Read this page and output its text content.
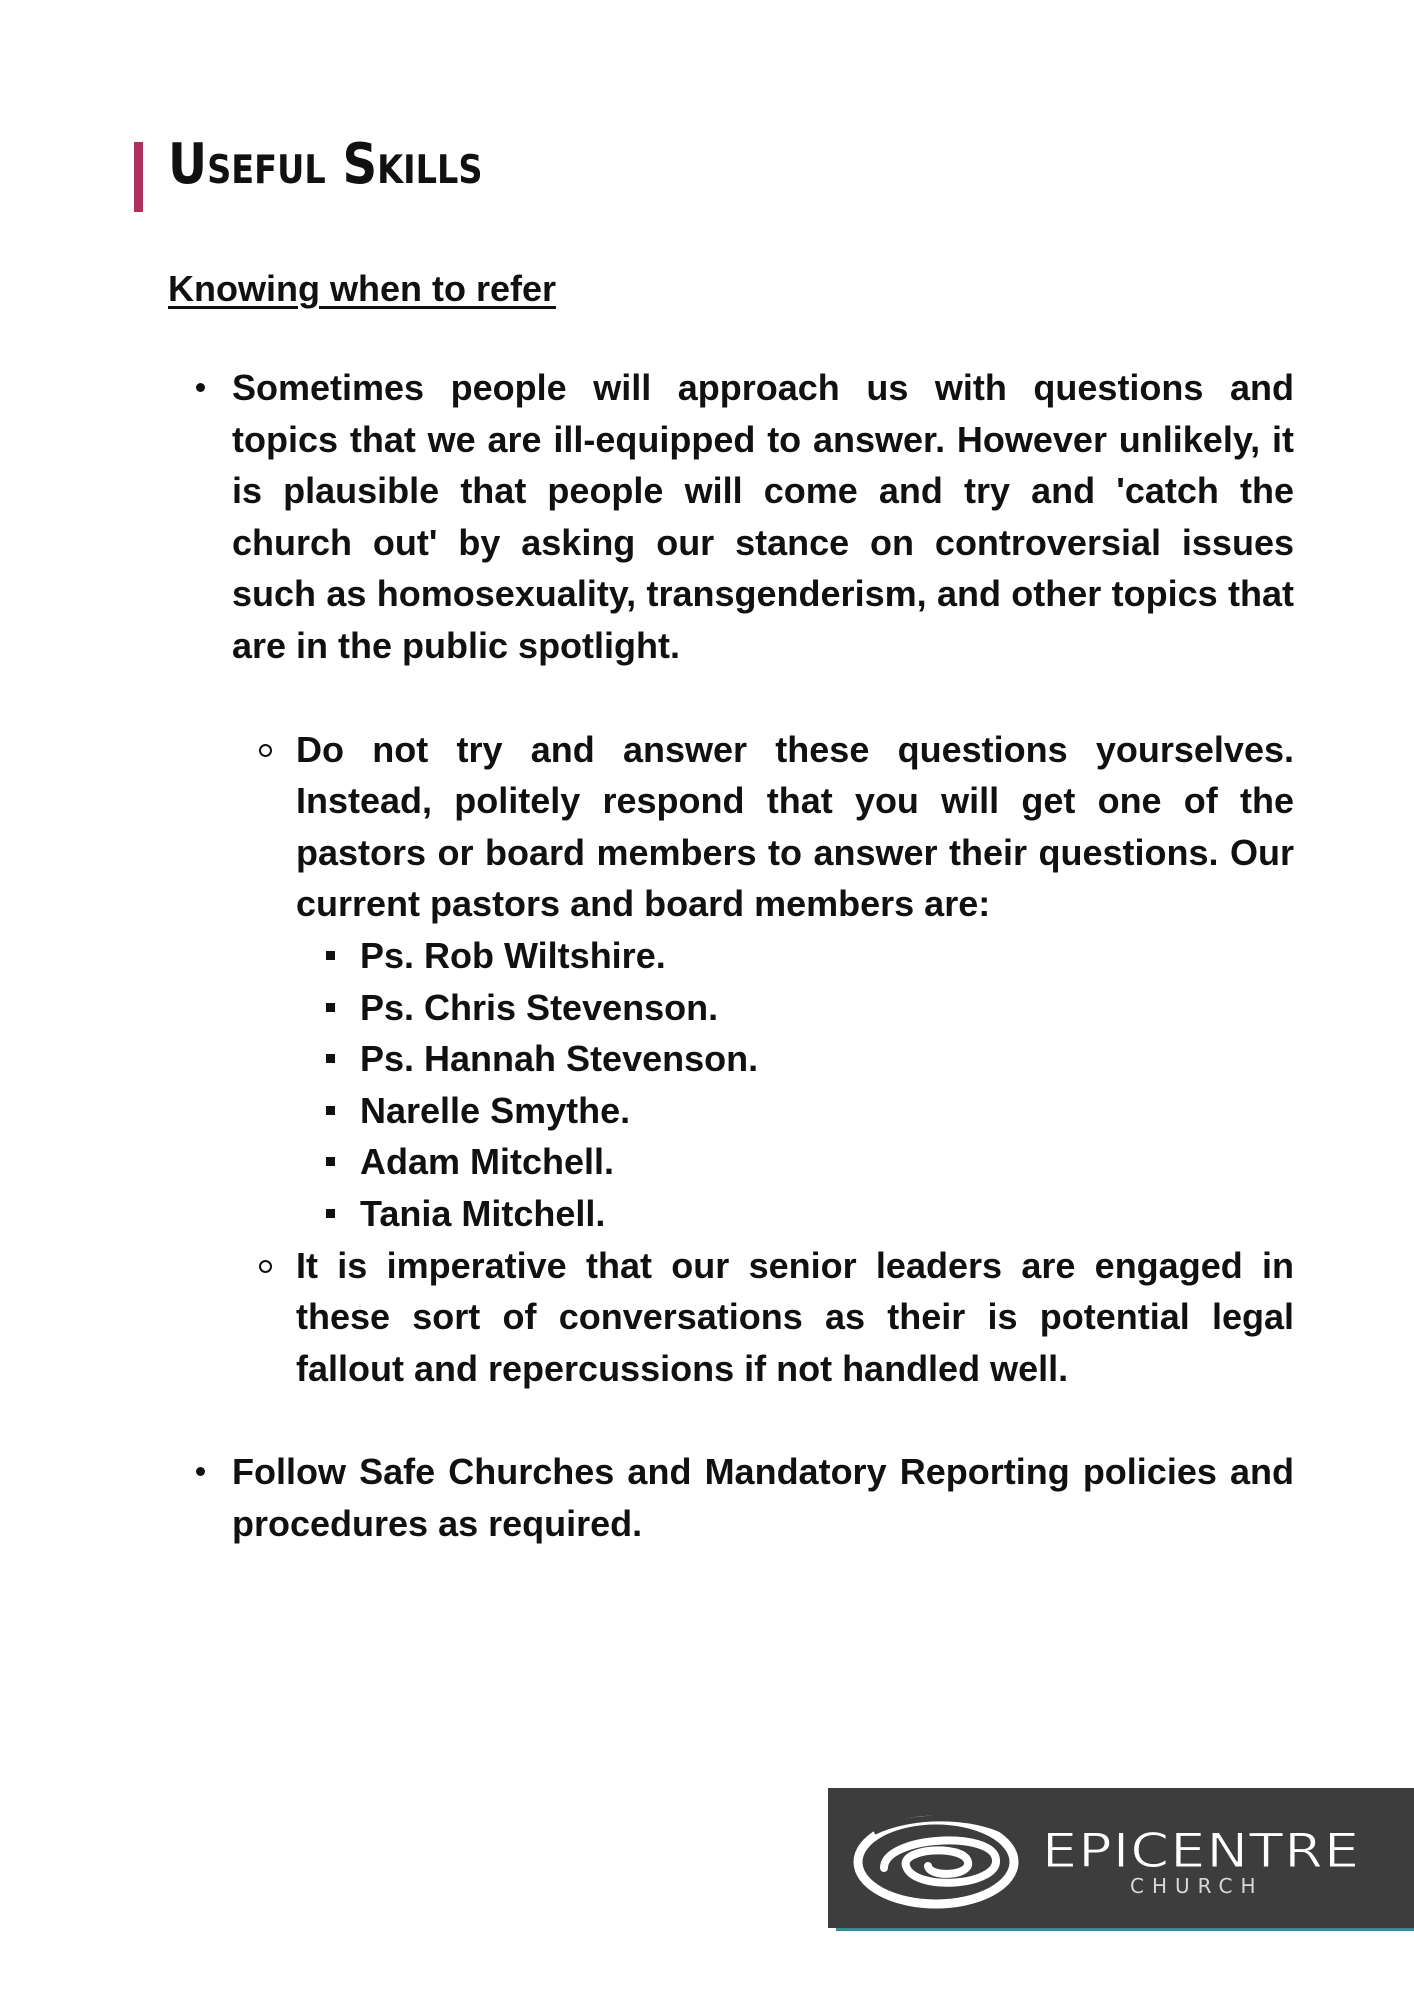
Useful Skills

Knowing when to refer

Sometimes people will approach us with questions and topics that we are ill-equipped to answer. However unlikely, it is plausible that people will come and try and 'catch the church out' by asking our stance on controversial issues such as homosexuality, transgenderism, and other topics that are in the public spotlight.
Do not try and answer these questions yourselves. Instead, politely respond that you will get one of the pastors or board members to answer their questions. Our current pastors and board members are:
Ps. Rob Wiltshire.
Ps. Chris Stevenson.
Ps. Hannah Stevenson.
Narelle Smythe.
Adam Mitchell.
Tania Mitchell.
It is imperative that our senior leaders are engaged in these sort of conversations as their is potential legal fallout and repercussions if not handled well.
Follow Safe Churches and Mandatory Reporting policies and procedures as required.
EPICENTRE
CHURCH
